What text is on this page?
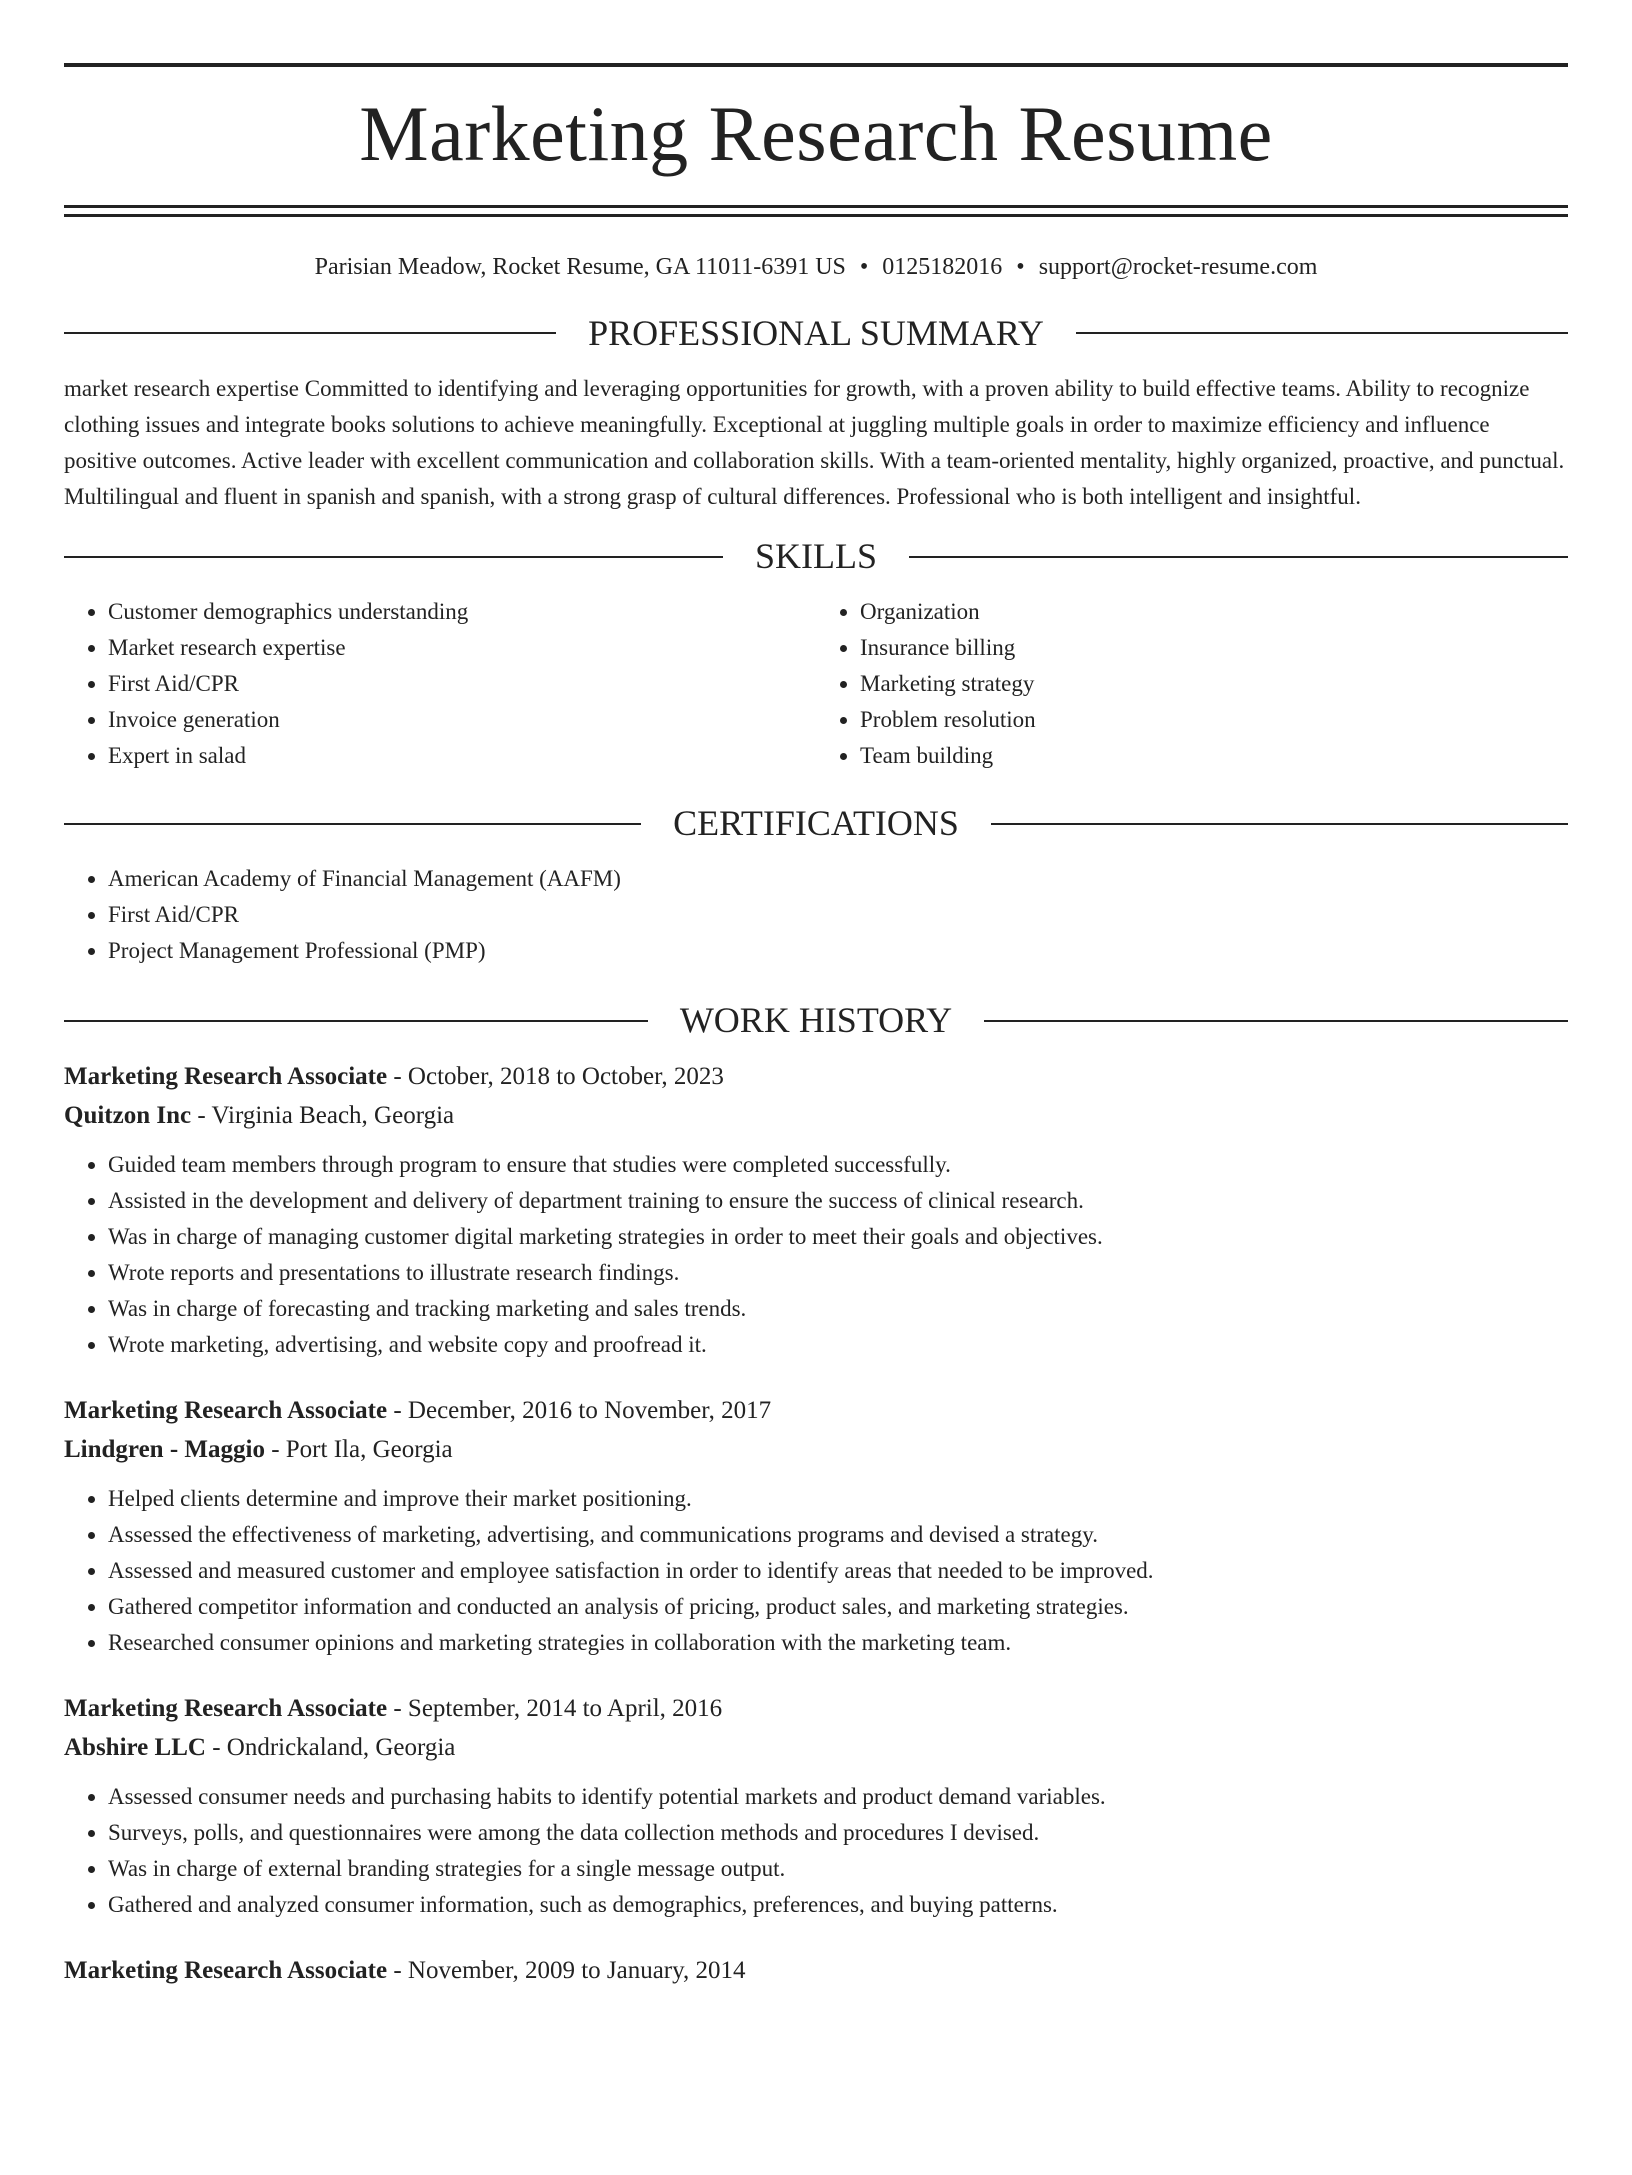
Marketing Research Resume
Parisian Meadow, Rocket Resume, GA 11011-6391 US • 0125182016 • support@rocket-resume.com
PROFESSIONAL SUMMARY

market research expertise Committed to identifying and leveraging opportunities for growth, with a proven ability to build effective teams. Ability to recognize clothing issues and integrate books solutions to achieve meaningfully. Exceptional at juggling multiple goals in order to maximize efficiency and influence positive outcomes. Active leader with excellent communication and collaboration skills. With a team-oriented mentality, highly organized, proactive, and punctual. Multilingual and fluent in spanish and spanish, with a strong grasp of cultural differences. Professional who is both intelligent and insightful.

SKILLS
• Customer demographics understanding
• Market research expertise
• First Aid/CPR
• Invoice generation
• Expert in salad
• Organization
• Insurance billing
• Marketing strategy
• Problem resolution
• Team building
CERTIFICATIONS
• American Academy of Financial Management (AAFM)
• First Aid/CPR
• Project Management Professional (PMP)
WORK HISTORY
Marketing Research Associate - October, 2018 to October, 2023
Quitzon Inc - Virginia Beach, Georgia
• Guided team members through program to ensure that studies were completed successfully.
• Assisted in the development and delivery of department training to ensure the success of clinical research.
• Was in charge of managing customer digital marketing strategies in order to meet their goals and objectives.
• Wrote reports and presentations to illustrate research findings.
• Was in charge of forecasting and tracking marketing and sales trends.
• Wrote marketing, advertising, and website copy and proofread it.
Marketing Research Associate - December, 2016 to November, 2017
Lindgren - Maggio - Port Ila, Georgia
• Helped clients determine and improve their market positioning.
• Assessed the effectiveness of marketing, advertising, and communications programs and devised a strategy.
• Assessed and measured customer and employee satisfaction in order to identify areas that needed to be improved.
• Gathered competitor information and conducted an analysis of pricing, product sales, and marketing strategies.
• Researched consumer opinions and marketing strategies in collaboration with the marketing team.
Marketing Research Associate - September, 2014 to April, 2016
Abshire LLC - Ondrickaland, Georgia
• Assessed consumer needs and purchasing habits to identify potential markets and product demand variables.
• Surveys, polls, and questionnaires were among the data collection methods and procedures I devised.
• Was in charge of external branding strategies for a single message output.
• Gathered and analyzed consumer information, such as demographics, preferences, and buying patterns.
Marketing Research Associate - November, 2009 to January, 2014
